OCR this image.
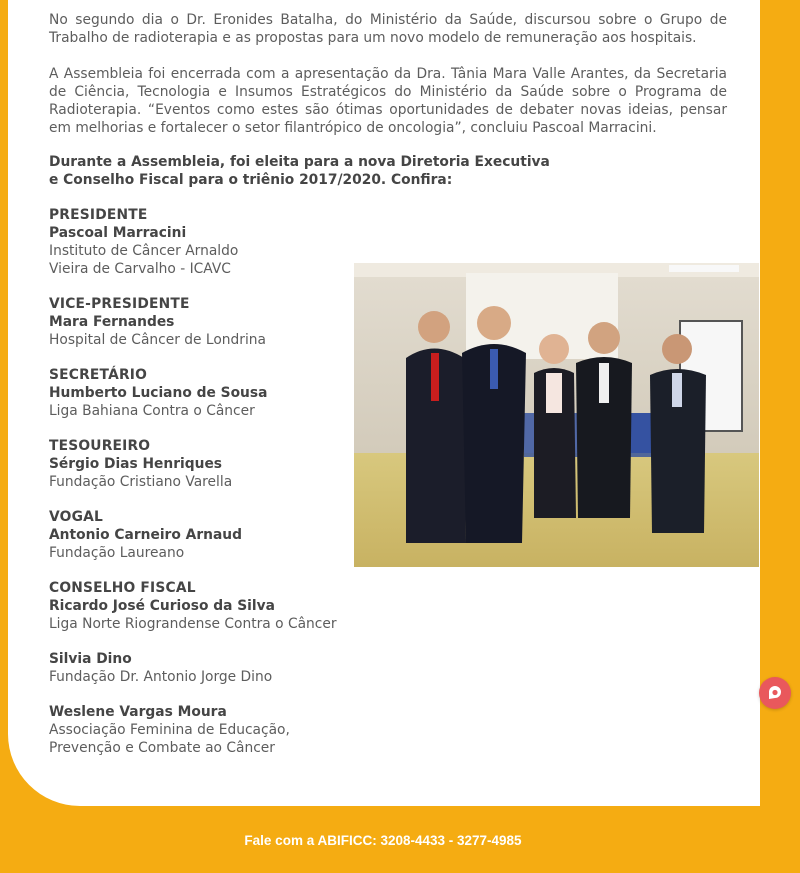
No segundo dia o Dr. Eronides Batalha, do Ministério da Saúde, discursou sobre o Grupo de Trabalho de radioterapia e as propostas para um novo modelo de remuneração aos hospitais.

A Assembleia foi encerrada com a apresentação da Dra. Tânia Mara Valle Arantes, da Secretaria de Ciência, Tecnologia e Insumos Estratégicos do Ministério da Saúde sobre o Programa de Radioterapia. “Eventos como estes são ótimas oportunidades de debater novas ideias, pensar em melhorias e fortalecer o setor filantrópico de oncologia”, concluiu Pascoal Marracini.

Durante a Assembleia, foi eleita para a nova Diretoria Executiva
e Conselho Fiscal para o triênio 2017/2020. Confira:
PRESIDENTE
Pascoal Marracini
Instituto de Câncer Arnaldo
Vieira de Carvalho - ICAVC
VICE-PRESIDENTE
Mara Fernandes
Hospital de Câncer de Londrina
SECRETÁRIO
Humberto Luciano de Sousa
Liga Bahiana Contra o Câncer
TESOUREIRO
Sérgio Dias Henriques
Fundação Cristiano Varella
VOGAL
Antonio Carneiro Arnaud
Fundação Laureano
CONSELHO FISCAL
Ricardo José Curioso da Silva
Liga Norte Riograndense Contra o Câncer
Silvia Dino
Fundação Dr. Antonio Jorge Dino
Weslene Vargas Moura
Associação Feminina de Educação,
Prevenção e Combate ao Câncer
Fale com a ABIFICC: 3208-4433 - 3277-4985
